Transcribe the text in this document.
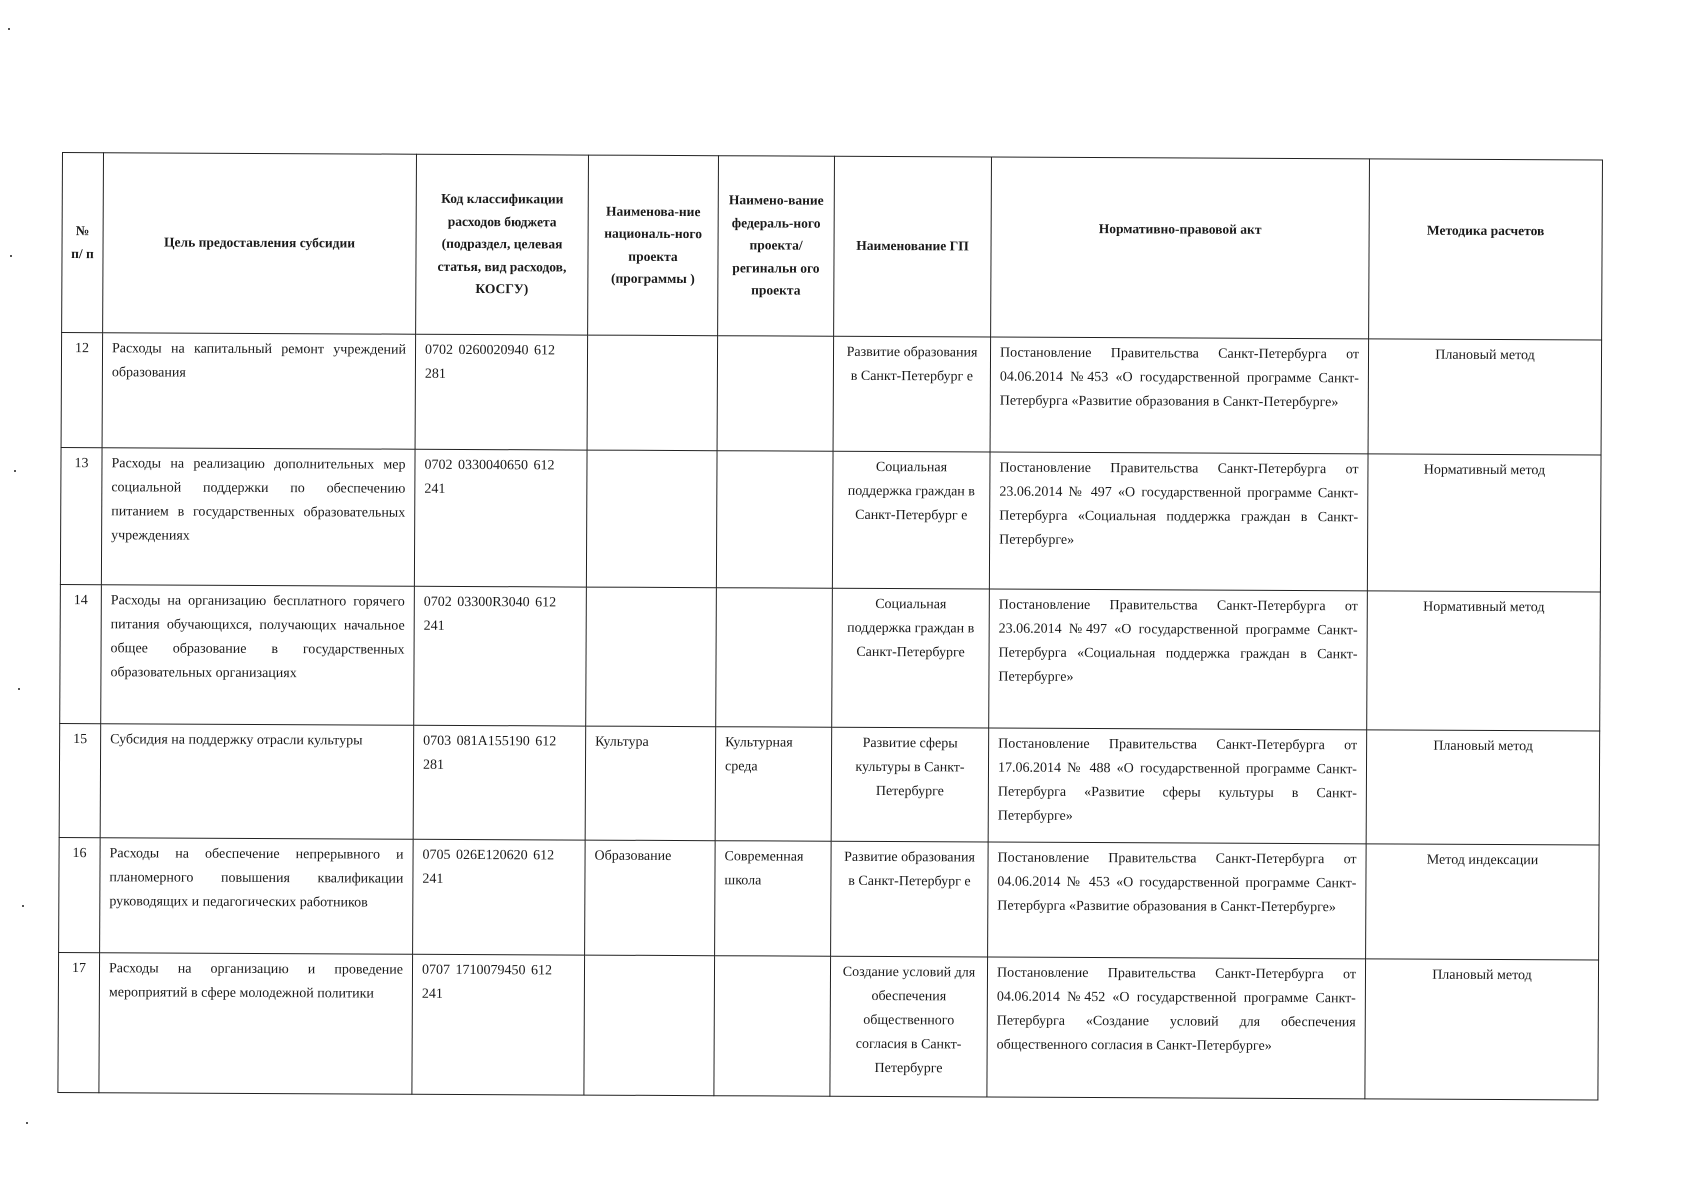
№ п/ п	Цель предоставления субсидии	Код классификации расходов бюджета (подраздел, целевая статья, вид расходов, КОСГУ)	Наименова-ние националь-ного проекта (программы )	Наимено-вание федераль-ного проекта/ регинальн ого проекта	Наименование ГП	Нормативно-правовой акт	Методика расчетов
12	Расходы на капитальный ремонт учреждений образования	0702 0260020940 612 281			Развитие образования в Санкт-Петербург е	Постановление Правительства Санкт-Петербурга от 04.06.2014 №453 «О государственной программе Санкт-Петербурга «Развитие образования в Санкт-Петербурге»	Плановый метод
13	Расходы на реализацию дополнительных мер социальной поддержки по обеспечению питанием в государственных образовательных учреждениях	0702 0330040650 612 241			Социальная поддержка граждан в Санкт-Петербург е	Постановление Правительства Санкт-Петербурга от 23.06.2014 № 497 «О государственной программе Санкт-Петербурга «Социальная поддержка граждан в Санкт-Петербурге»	Нормативный метод
14	Расходы на организацию бесплатного горячего питания обучающихся, получающих начальное общее образование в государственных образовательных организациях	0702 03300R3040 612 241			Социальная поддержка граждан в Санкт-Петербурге	Постановление Правительства Санкт-Петербурга от 23.06.2014 №497 «О государственной программе Санкт-Петербурга «Социальная поддержка граждан в Санкт-Петербурге»	Нормативный метод
15	Субсидия на поддержку отрасли культуры	0703 081A155190 612 281	Культура	Культурная среда	Развитие сферы культуры в Санкт-Петербурге	Постановление Правительства Санкт-Петербурга от 17.06.2014 № 488 «О государственной программе Санкт-Петербурга «Развитие сферы культуры в Санкт-Петербурге»	Плановый метод
16	Расходы на обеспечение непрерывного и планомерного повышения квалификации руководящих и педагогических работников	0705 026E120620 612 241	Образование	Современная школа	Развитие образования в Санкт-Петербург е	Постановление Правительства Санкт-Петербурга от 04.06.2014 № 453 «О государственной программе Санкт-Петербурга «Развитие образования в Санкт-Петербурге»	Метод индексации
17	Расходы на организацию и проведение мероприятий в сфере молодежной политики	0707 1710079450 612 241			Создание условий для обеспечения общественного согласия в Санкт-Петербурге	Постановление Правительства Санкт-Петербурга от 04.06.2014 №452 «О государственной программе Санкт-Петербурга «Создание условий для обеспечения общественного согласия в Санкт-Петербурге»	Плановый метод
